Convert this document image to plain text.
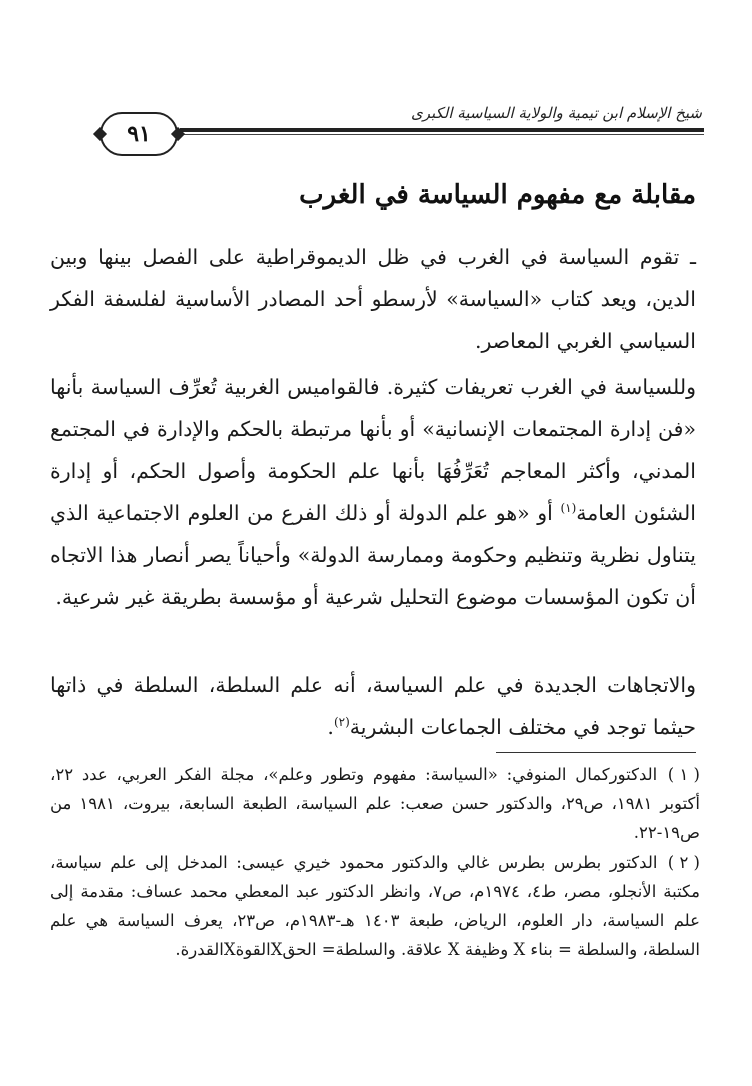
شيخ الإسلام ابن تيمية والولاية السياسية الكبرى
٩١
مقابلة مع مفهوم السياسة في الغرب

ـ تقوم السياسة في الغرب في ظل الديموقراطية على الفصل بينها وبين الدين، ويعد كتاب «السياسة» لأرسطو أحد المصادر الأساسية لفلسفة الفكر السياسي الغربي المعاصر.

وللسياسة في الغرب تعريفات كثيرة. فالقواميس الغربية تُعرِّف السياسة بأنها «فن إدارة المجتمعات الإنسانية» أو بأنها مرتبطة بالحكم والإدارة في المجتمع المدني، وأكثر المعاجم تُعَرِّفُهَا بأنها علم الحكومة وأصول الحكم، أو إدارة الشئون العامة$^{(١)}$ أو «هو علم الدولة أو ذلك الفرع من العلوم الاجتماعية الذي يتناول نظرية وتنظيم وحكومة وممارسة الدولة» وأحياناً يصر أنصار هذا الاتجاه أن تكون المؤسسات موضوع التحليل شرعية أو مؤسسة بطريقة غير شرعية.

والاتجاهات الجديدة في علم السياسة، أنه علم السلطة، السلطة في ذاتها حيثما توجد في مختلف الجماعات البشرية$^{(٢)}$.

( ١ ) الدكتوركمال المنوفي: «السياسة: مفهوم وتطور وعلم»، مجلة الفكر العربي، عدد ٢٢، أكتوبر ١٩٨١، ص٢٩، والدكتور حسن صعب: علم السياسة، الطبعة السابعة، بيروت، ١٩٨١ من ص١٩-٢٢.

( ٢ ) الدكتور بطرس بطرس غالي والدكتور محمود خيري عيسى: المدخل إلى علم سياسة، مكتبة الأنجلو، مصر، ط٤، ١٩٧٤م، ص٧، وانظر الدكتور عبد المعطي محمد عساف: مقدمة إلى علم السياسة، دار العلوم، الرياض، طبعة ١٤٠٣ هـ-١٩٨٣م، ص٢٣، يعرف السياسة هي علم السلطة، والسلطة = بناء X وظيفة X علاقة. والسلطة= الحقXالقوةXالقدرة.
